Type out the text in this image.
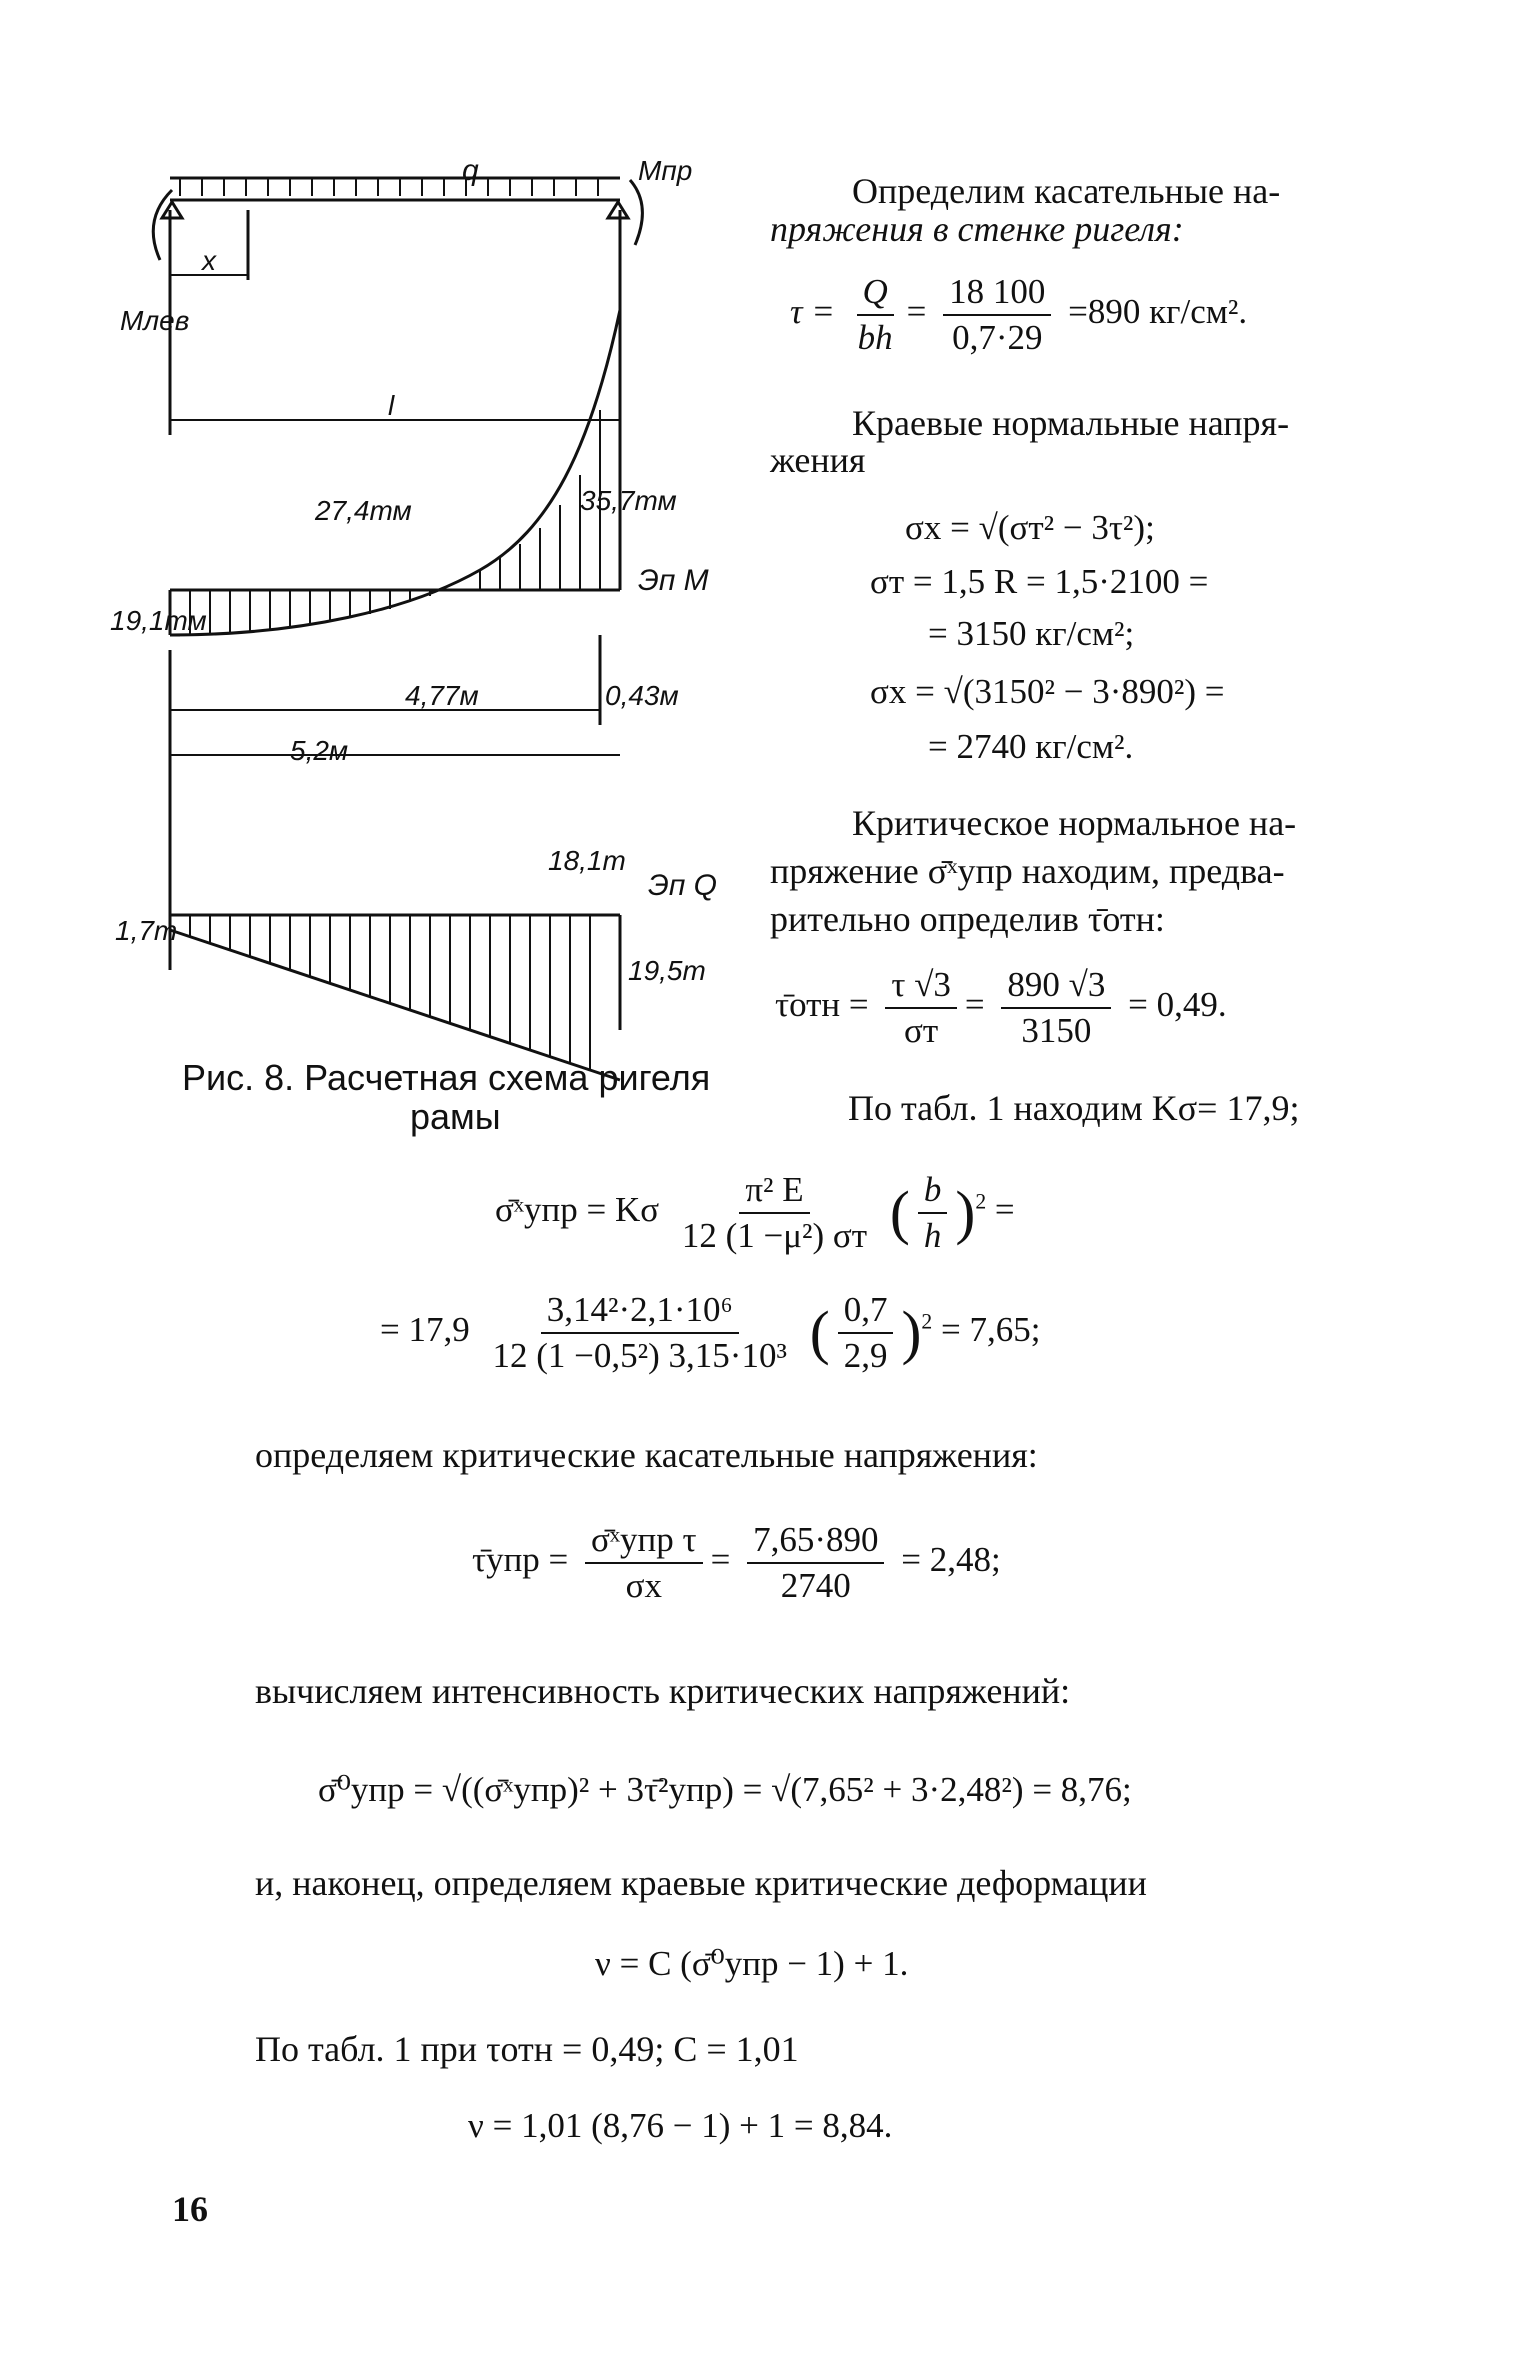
q
Mлев
Mпр
x
l
27,4тм	35,7тм
19,1тм
Эп М
4,77м	0,43м
5,2м
18,1т
Эп Q
1,7т
19,5т
Рис. 8. Расчетная схема ригеля
рамы
Определим касательные на-
пряжения в стенке ригеля:
$\tau = \frac{Q}{bh} = \frac{18 100}{0,7\cdot 29} =890$ кг/см².
Краевые нормальные напря-
жения
σx = √(σт² − 3τ²);
σт = 1,5 R = 1,5·2100 =
= 3150 кг/см²;
σx = √(3150² − 3·890²) =
= 2740 кг/см².
Критическое нормальное на-
пряжение σ̄ˣупр находим, предва-
рительно определив τ̄отн:
τ̄отн = $\frac{\tau √3}{\sigma т} = \frac{890 √3}{3150} = 0,49$.
По табл. 1 находим Kσ= 17,9;
σ̄ˣупр = Kσ $\frac{\text{π² E}}{\text{12 (1 −μ²) σт}}$ ( $\frac{b}{h} )^2$ =
= $17,9 \frac{\text{3,14²·2,1·10⁶}}{\text{12 (1 −0,5²) 3,15·10³}}$ ( $\frac{0,7}{2,9} )^2 = 7,65$;
определяем критические касательные напряжения:
τ̄упр = $\frac{\text{σ̄ˣупр τ}}{\sigma x} = \frac{7,65\cdot 890}{2740} = 2,48$;
вычисляем интенсивность критических напряжений:
σ̄⁰упр = √((σ̄ˣупр)² + 3τ̄²упр) = √(7,65² + 3·2,48²) = 8,76;
и, наконец, определяем краевые критические деформации
ν = C (σ̄⁰упр − 1) + 1.
По табл. 1 при τотн = 0,49; C = 1,01
ν = 1,01 (8,76 − 1) + 1 = 8,84.
16
